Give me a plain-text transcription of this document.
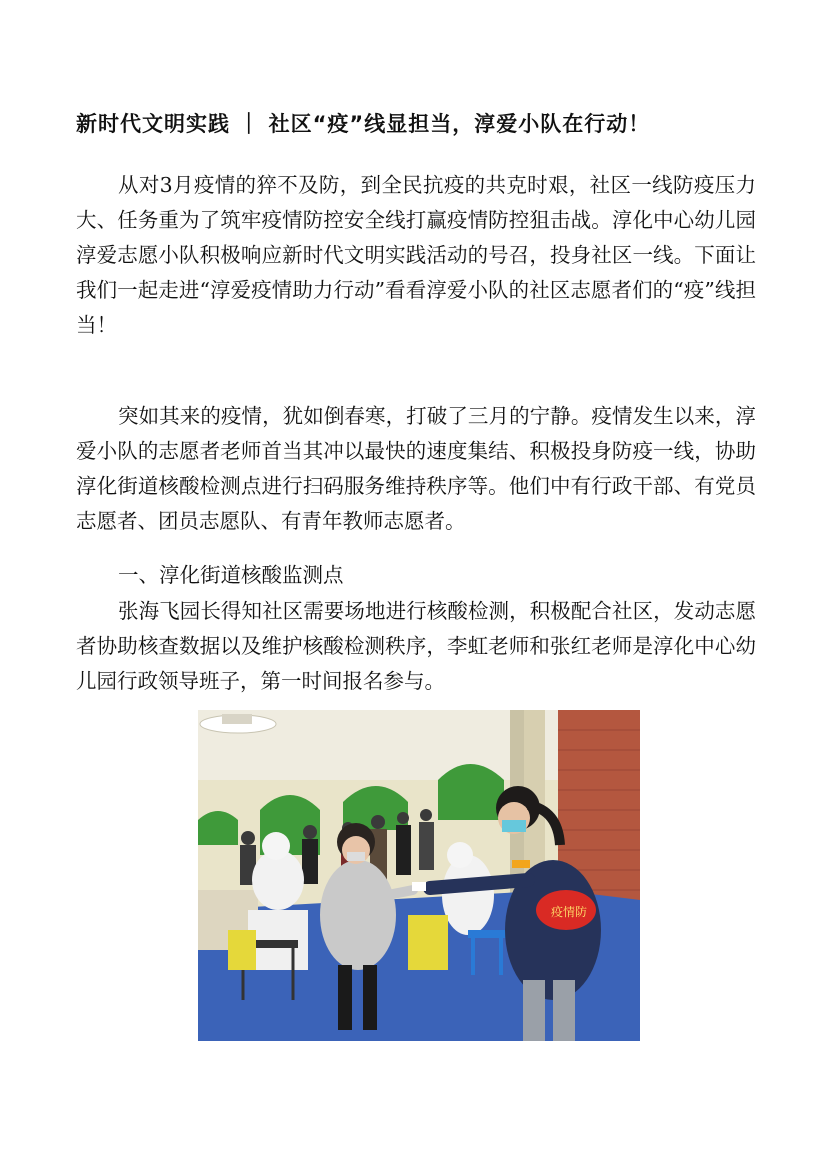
新时代文明实践 ｜ 社区“疫”线显担当，淳爱小队在行动！

从对3月疫情的猝不及防，到全民抗疫的共克时艰，社区一线防疫压力大、任务重为了筑牢疫情防控安全线打赢疫情防控狙击战。淳化中心幼儿园淳爱志愿小队积极响应新时代文明实践活动的号召，投身社区一线。下面让我们一起走进“淳爱疫情助力行动”看看淳爱小队的社区志愿者们的“疫”线担当！

突如其来的疫情，犹如倒春寒，打破了三月的宁静。疫情发生以来，淳爱小队的志愿者老师首当其冲以最快的速度集结、积极投身防疫一线，协助淳化街道核酸检测点进行扫码服务维持秩序等。他们中有行政干部、有党员志愿者、团员志愿队、有青年教师志愿者。

一、淳化街道核酸监测点

张海飞园长得知社区需要场地进行核酸检测，积极配合社区，发动志愿者协助核查数据以及维护核酸检测秩序，李虹老师和张红老师是淳化中心幼儿园行政领导班子，第一时间报名参与。

疫情防
